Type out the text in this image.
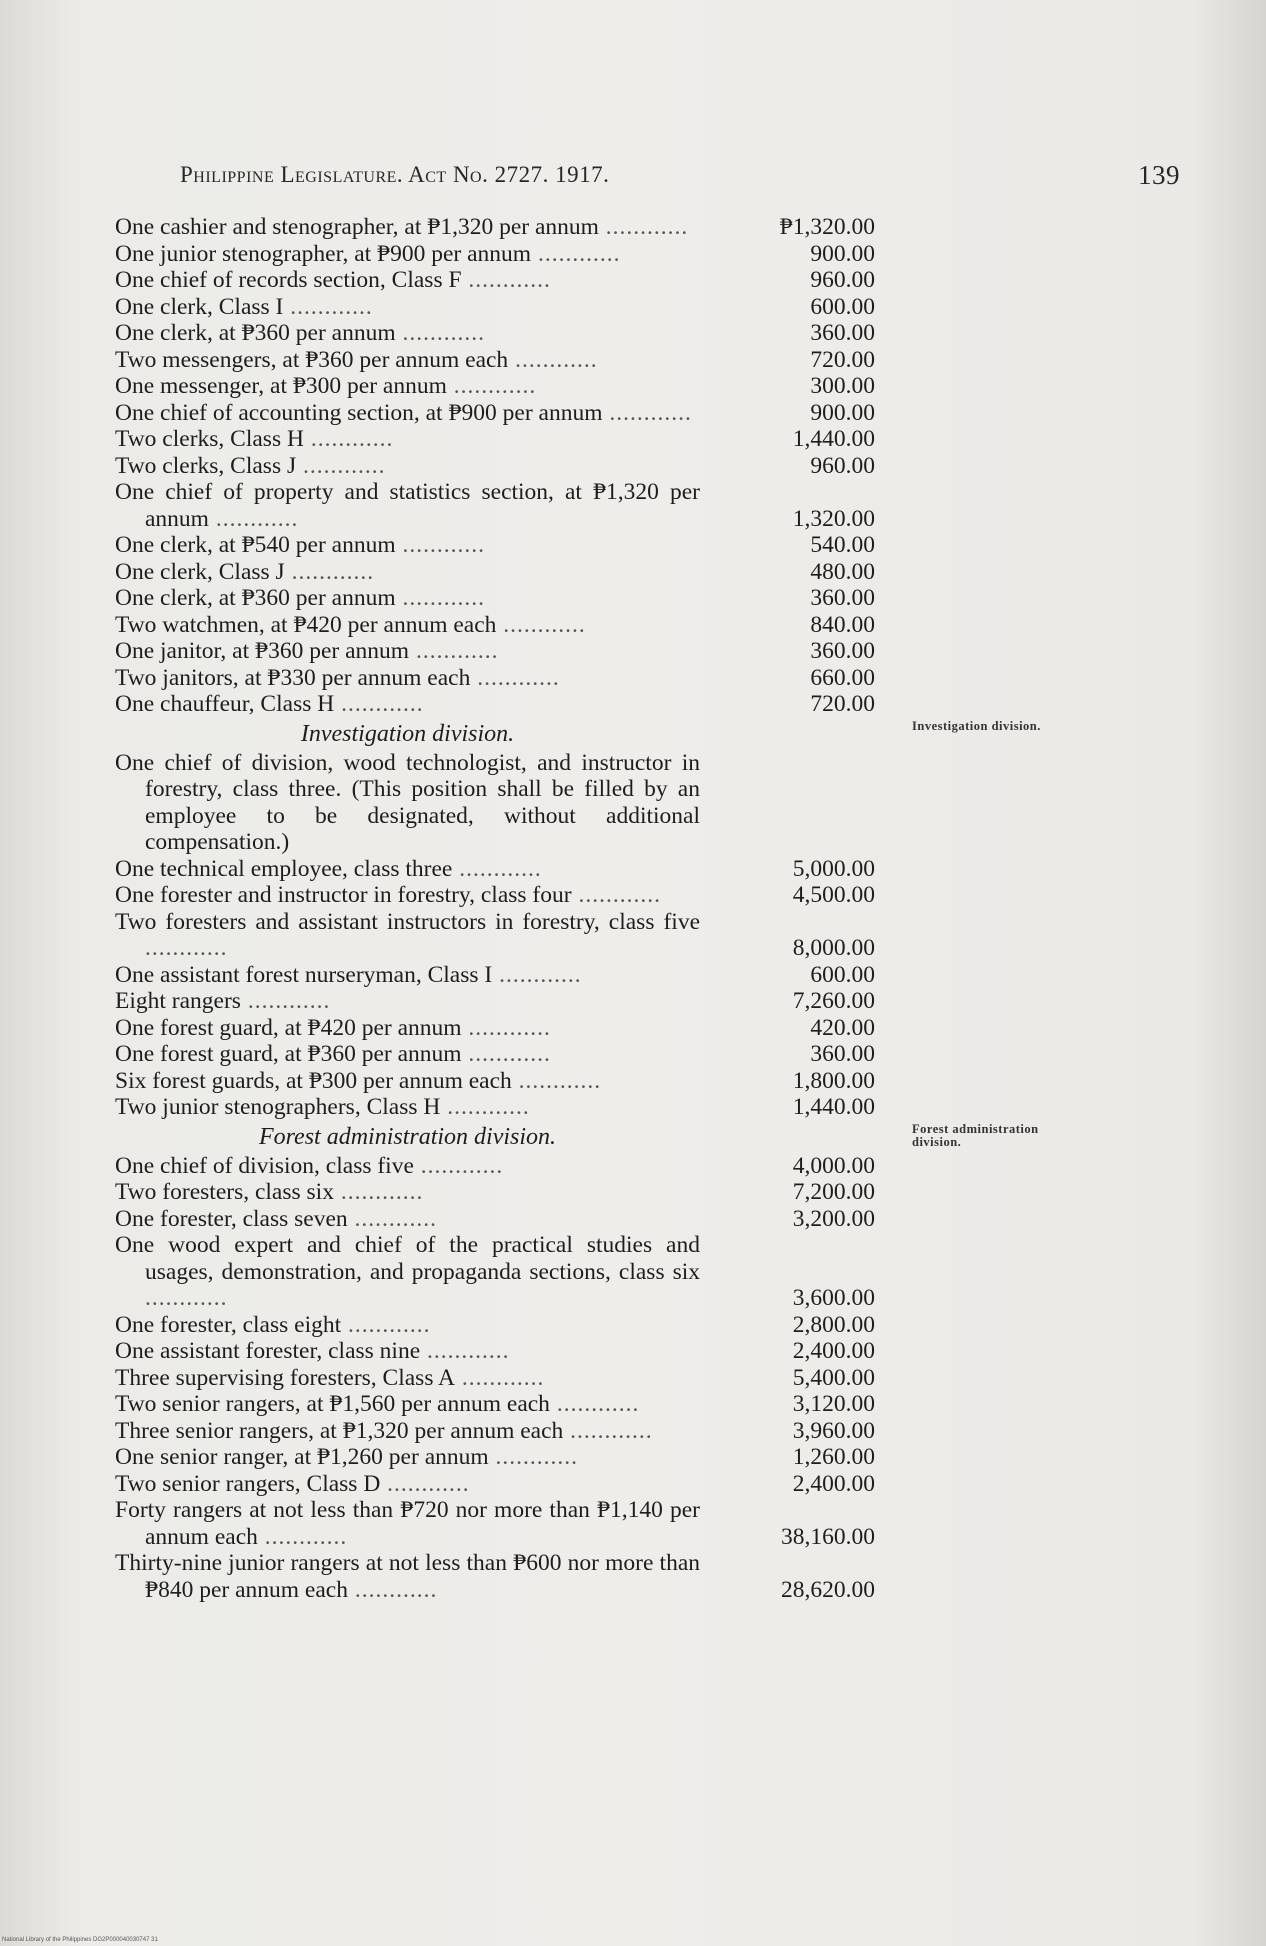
Philippine Legislature. Act No. 2727. 1917.	139
One cashier and stenographer, at ₱1,320 per annum ............	₱1,320.00
One junior stenographer, at ₱900 per annum ............	900.00
One chief of records section, Class F ............	960.00
One clerk, Class I ............	600.00
One clerk, at ₱360 per annum ............	360.00
Two messengers, at ₱360 per annum each ............	720.00
One messenger, at ₱300 per annum ............	300.00
One chief of accounting section, at ₱900 per annum ............	900.00
Two clerks, Class H ............	1,440.00
Two clerks, Class J ............	960.00
One chief of property and statistics section, at ₱1,320 per annum ............	1,320.00
One clerk, at ₱540 per annum ............	540.00
One clerk, Class J ............	480.00
One clerk, at ₱360 per annum ............	360.00
Two watchmen, at ₱420 per annum each ............	840.00
One janitor, at ₱360 per annum ............	360.00
Two janitors, at ₱330 per annum each ............	660.00
One chauffeur, Class H ............	720.00
Investigation division.	Investigation division.
One chief of division, wood technologist, and instructor in forestry, class three. (This position shall be filled by an employee to be designated, without additional compensation.)
One technical employee, class three ............	5,000.00
One forester and instructor in forestry, class four ............	4,500.00
Two foresters and assistant instructors in forestry, class five ............	8,000.00
One assistant forest nurseryman, Class I ............	600.00
Eight rangers ............	7,260.00
One forest guard, at ₱420 per annum ............	420.00
One forest guard, at ₱360 per annum ............	360.00
Six forest guards, at ₱300 per annum each ............	1,800.00
Two junior stenographers, Class H ............	1,440.00
Forest administration division.	Forest administration division.
One chief of division, class five ............	4,000.00
Two foresters, class six ............	7,200.00
One forester, class seven ............	3,200.00
One wood expert and chief of the practical studies and usages, demonstration, and propaganda sections, class six ............	3,600.00
One forester, class eight ............	2,800.00
One assistant forester, class nine ............	2,400.00
Three supervising foresters, Class A ............	5,400.00
Two senior rangers, at ₱1,560 per annum each ............	3,120.00
Three senior rangers, at ₱1,320 per annum each ............	3,960.00
One senior ranger, at ₱1,260 per annum ............	1,260.00
Two senior rangers, Class D ............	2,400.00
Forty rangers at not less than ₱720 nor more than ₱1,140 per annum each ............	38,160.00
Thirty-nine junior rangers at not less than ₱600 nor more than ₱840 per annum each ............	28,620.00
National Library of the Philippines DG2P000040030747 31
